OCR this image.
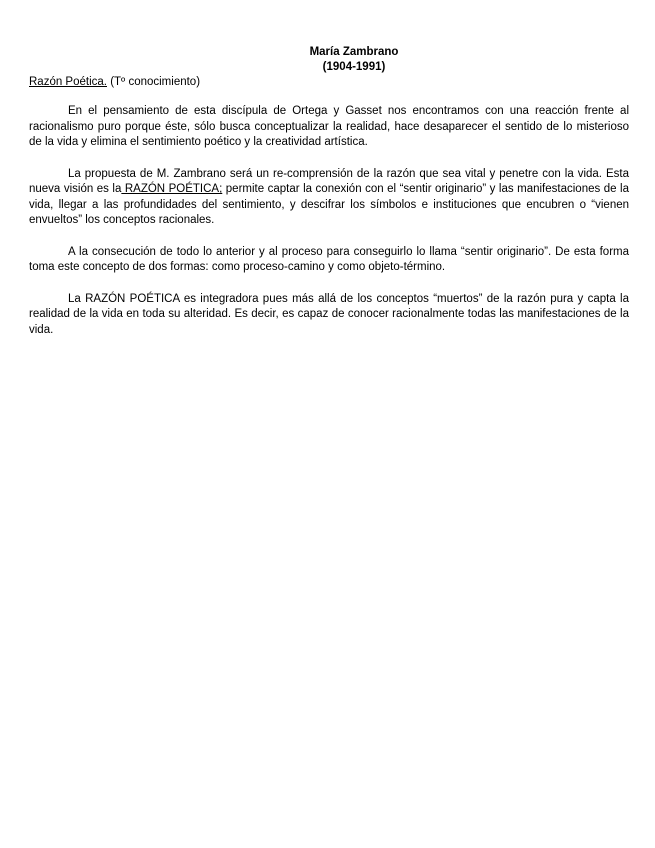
María Zambrano
(1904-1991)
Razón Poética. (Tº conocimiento)

En el pensamiento de esta discípula de Ortega y Gasset nos encontramos con una reacción frente al racionalismo puro porque éste, sólo busca conceptualizar la realidad, hace desaparecer el sentido de lo misterioso de la vida y elimina el sentimiento poético y la creatividad artística.

La propuesta de M. Zambrano será un re-comprensión de la razón que sea vital y penetre con la vida. Esta nueva visión es la RAZÓN POÉTICA; permite captar la conexión con el “sentir originario” y las manifestaciones de la vida, llegar a las profundidades del sentimiento, y descifrar los símbolos e instituciones que encubren o “vienen envueltos” los conceptos racionales.

A la consecución de todo lo anterior y al proceso para conseguirlo lo llama “sentir originario”. De esta forma toma este concepto de dos formas: como proceso-camino y como objeto-término.

La RAZÓN POÉTICA es integradora pues más allá de los conceptos “muertos” de la razón pura y capta la realidad de la vida en toda su alteridad. Es decir, es capaz de conocer racionalmente todas las manifestaciones de la vida.
